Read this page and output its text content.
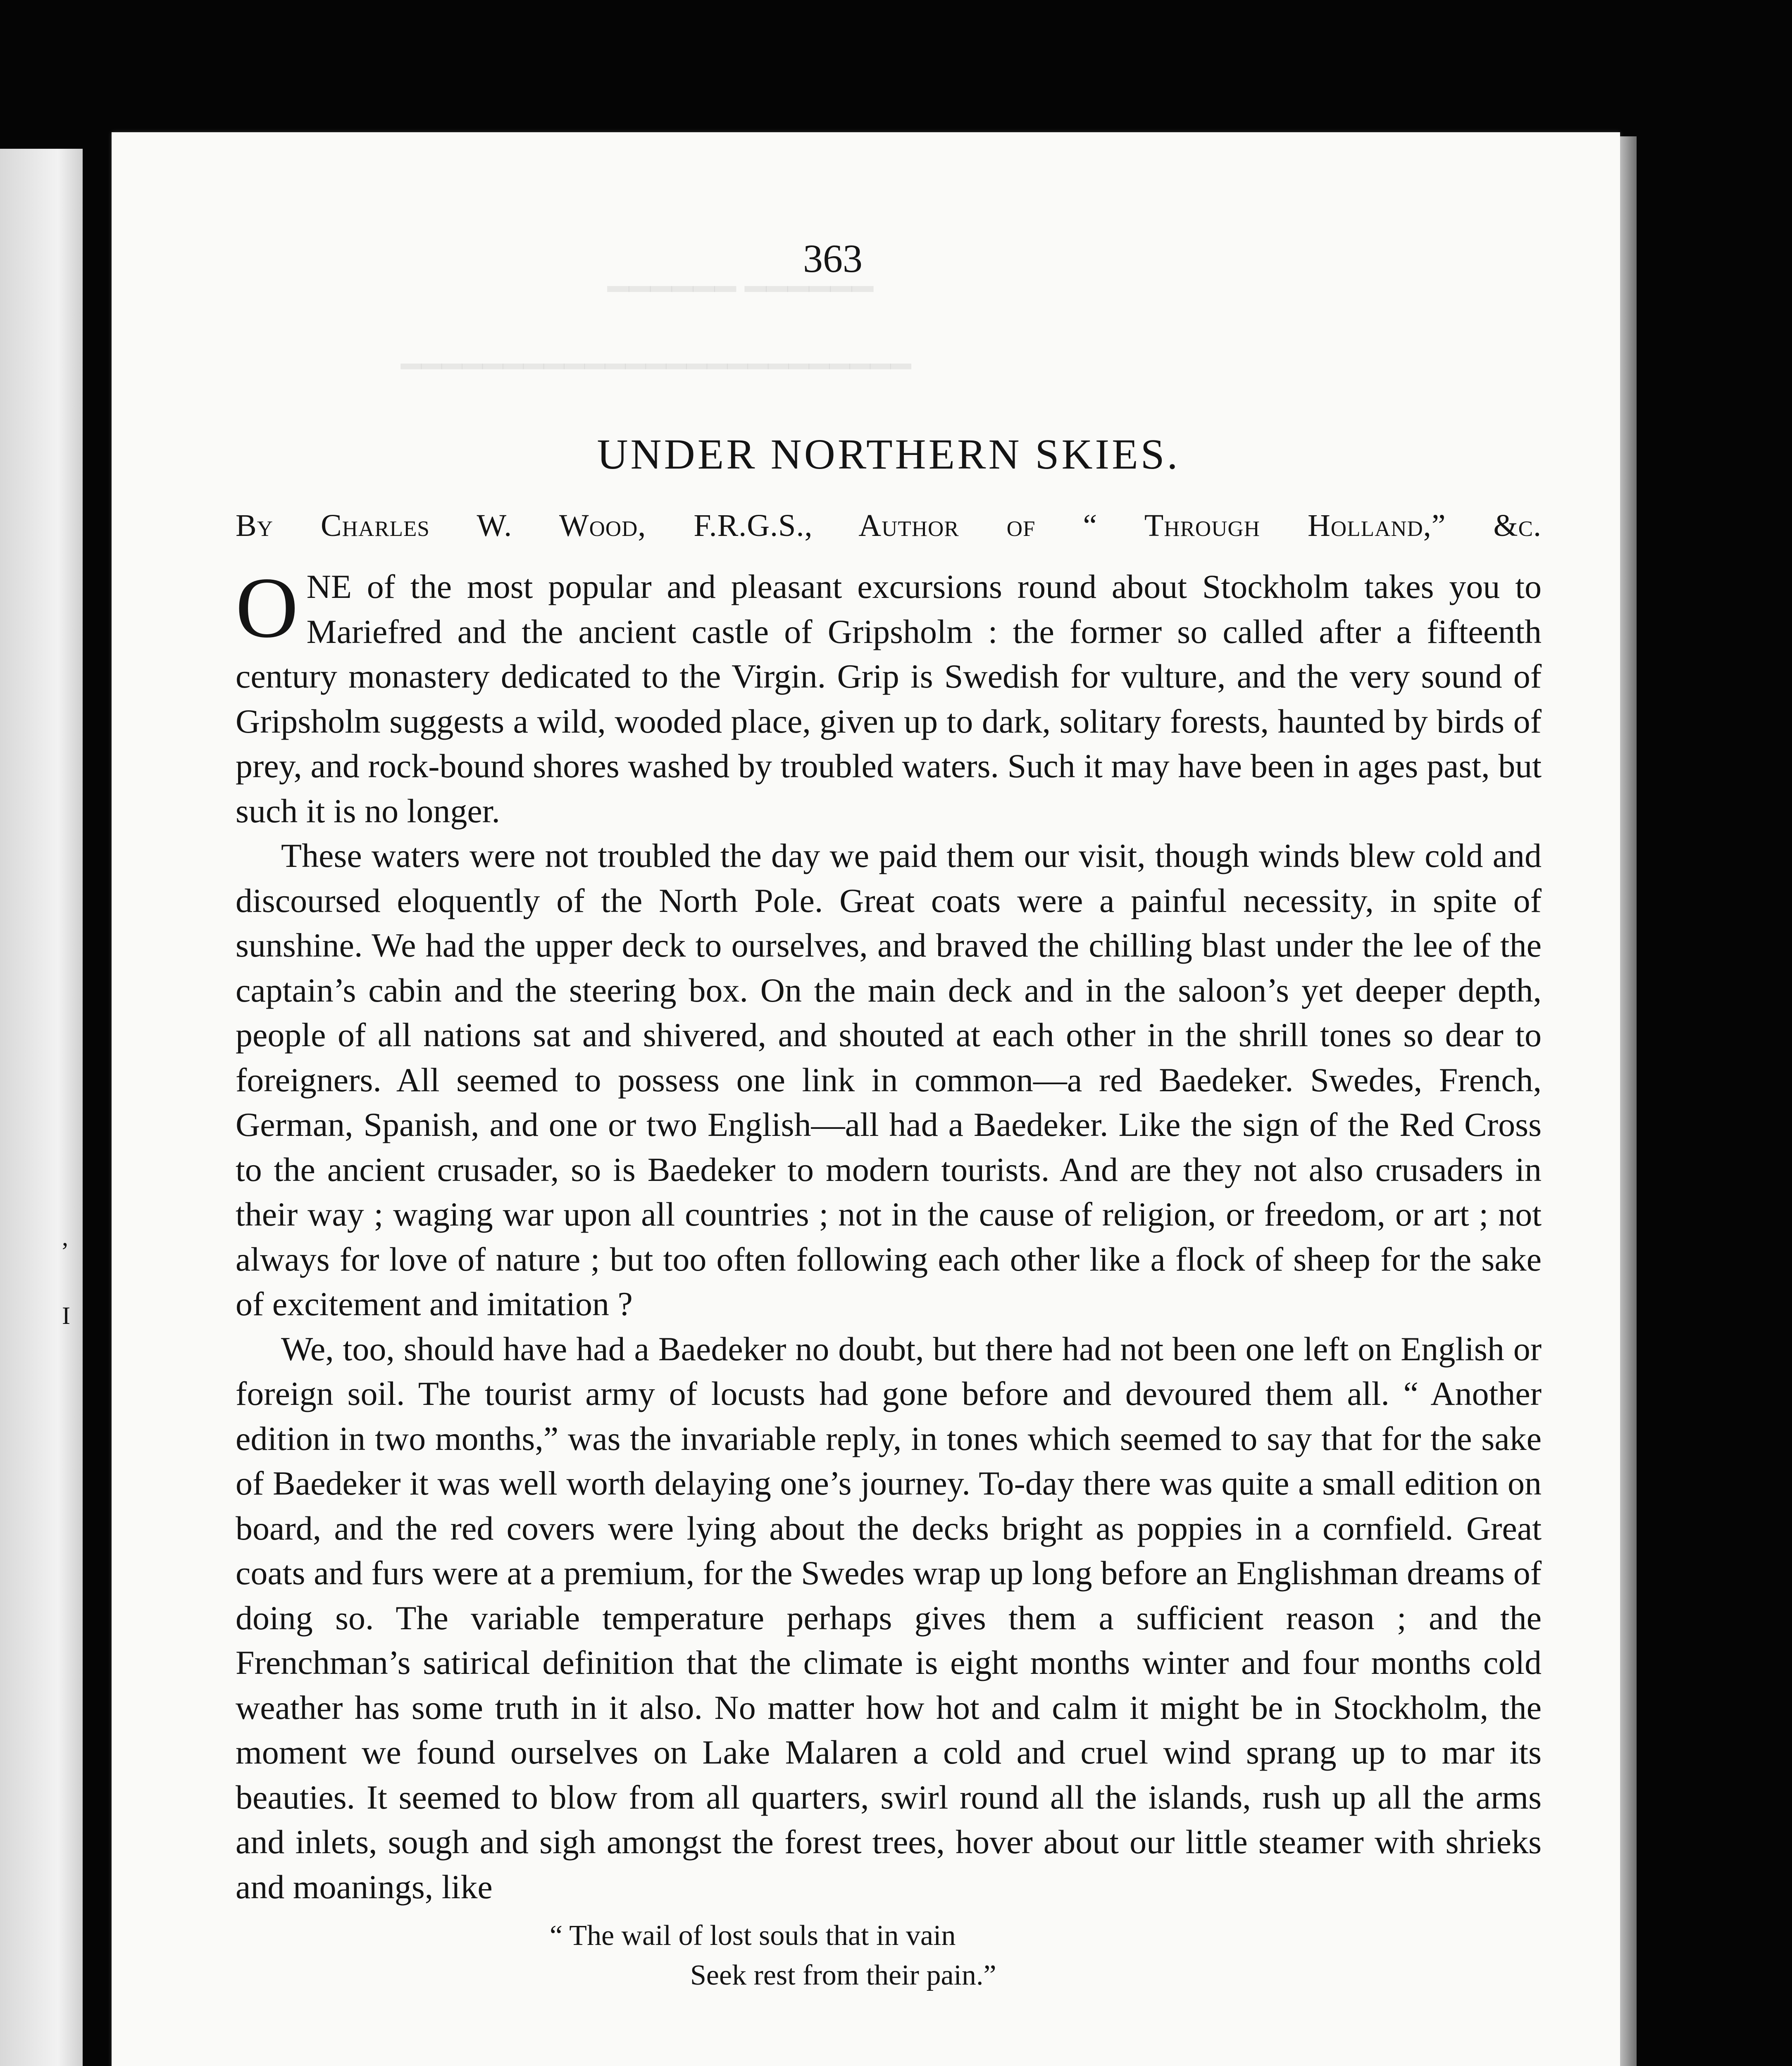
,
I
━━━━━━ ━━━━━━
━━━━━━━━━━━━━━━━━━━━━━━━━
363
UNDER NORTHERN SKIES.
By Charles W. Wood, F.R.G.S., Author of “ Through Holland,” &c.

ONE of the most popular and pleasant excursions round about Stockholm takes you to Mariefred and the ancient castle of Gripsholm : the former so called after a fifteenth century monastery dedicated to the Virgin. Grip is Swedish for vulture, and the very sound of Gripsholm suggests a wild, wooded place, given up to dark, solitary forests, haunted by birds of prey, and rock-bound shores washed by troubled waters. Such it may have been in ages past, but such it is no longer.

These waters were not troubled the day we paid them our visit, though winds blew cold and discoursed eloquently of the North Pole. Great coats were a painful necessity, in spite of sunshine. We had the upper deck to ourselves, and braved the chilling blast under the lee of the captain’s cabin and the steering box. On the main deck and in the saloon’s yet deeper depth, people of all nations sat and shivered, and shouted at each other in the shrill tones so dear to foreigners. All seemed to possess one link in common—a red Baedeker. Swedes, French, German, Spanish, and one or two English—all had a Baedeker. Like the sign of the Red Cross to the ancient crusader, so is Baedeker to modern tourists. And are they not also crusaders in their way ; waging war upon all countries ; not in the cause of religion, or freedom, or art ; not always for love of nature ; but too often following each other like a flock of sheep for the sake of excitement and imitation ?

We, too, should have had a Baedeker no doubt, but there had not been one left on English or foreign soil. The tourist army of locusts had gone before and devoured them all. “ Another edition in two months,” was the invariable reply, in tones which seemed to say that for the sake of Baedeker it was well worth delaying one’s journey. To-day there was quite a small edition on board, and the red covers were lying about the decks bright as poppies in a cornfield. Great coats and furs were at a premium, for the Swedes wrap up long before an Englishman dreams of doing so. The variable temperature perhaps gives them a sufficient reason ; and the Frenchman’s satirical definition that the climate is eight months winter and four months cold weather has some truth in it also. No matter how hot and calm it might be in Stockholm, the moment we found ourselves on Lake Malaren a cold and cruel wind sprang up to mar its beauties. It seemed to blow from all quarters, swirl round all the islands, rush up all the arms and inlets, sough and sigh amongst the forest trees, hover about our little steamer with shrieks and moanings, like

“ The wail of lost souls that in vain
Seek rest from their pain.”
